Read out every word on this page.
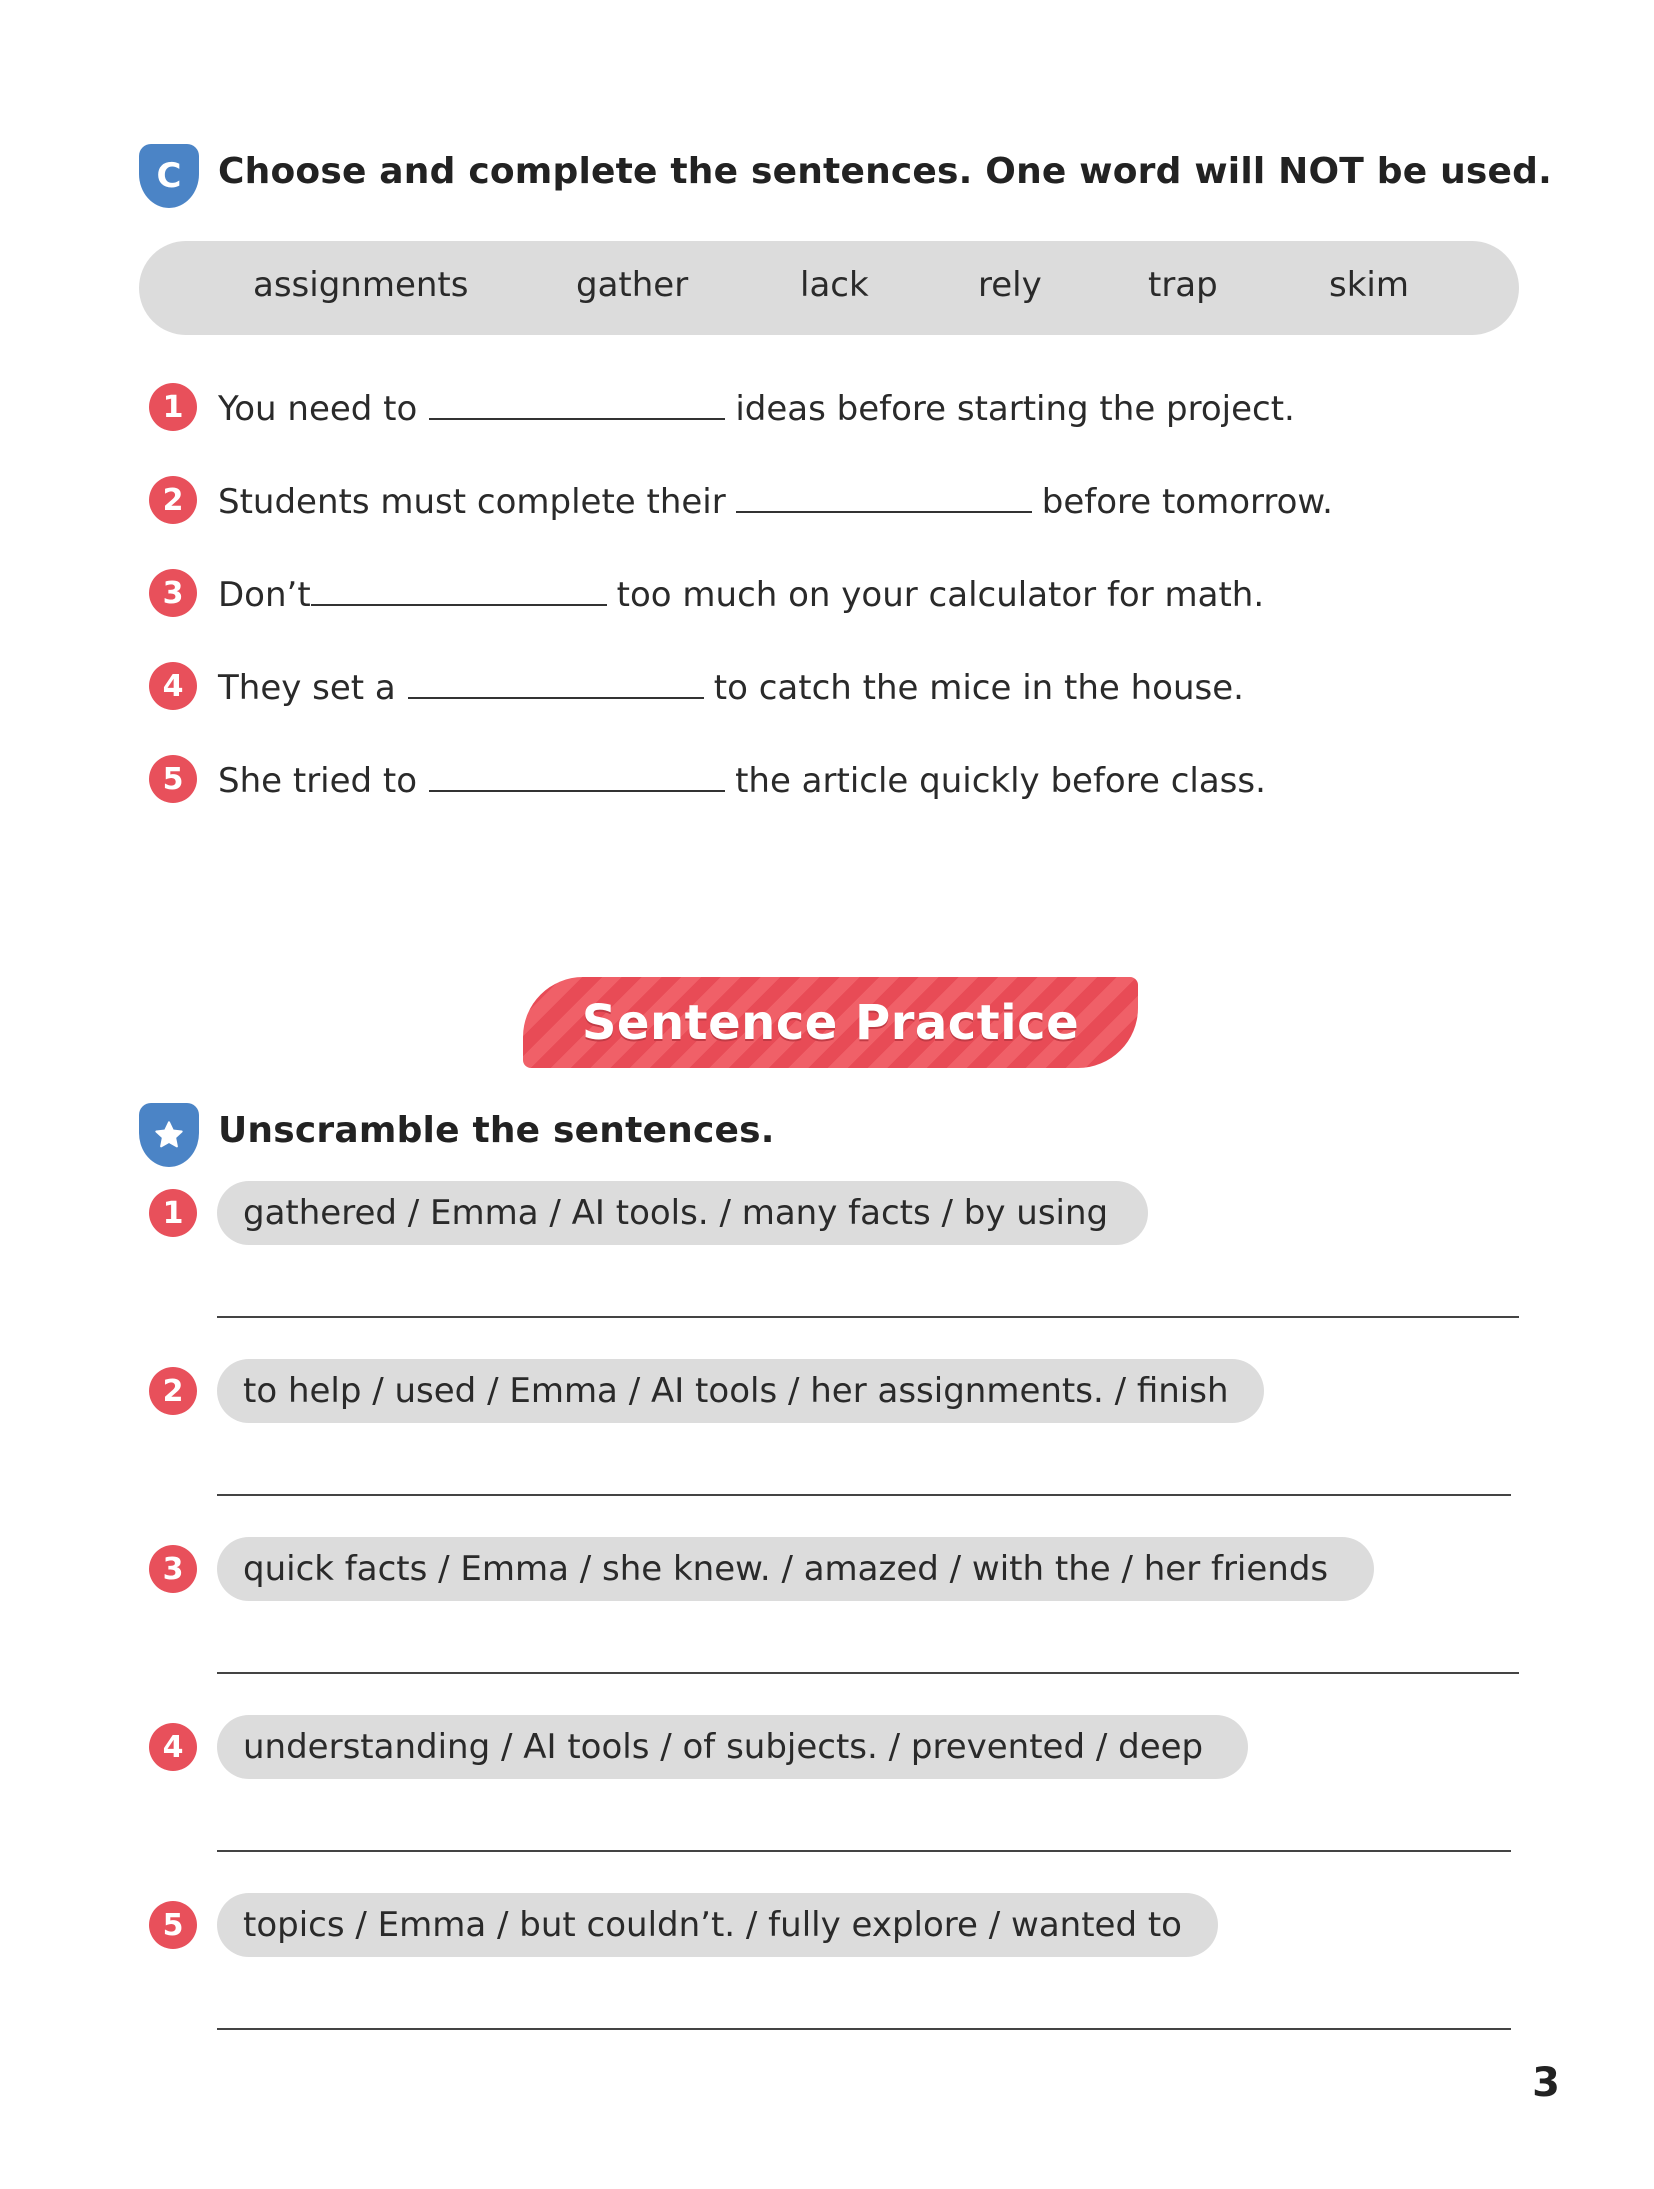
C Choose and complete the sentences. One word will NOT be used.
assignments	gather	lack	rely	trap	skim
1	You need to	ideas before starting the project.
2	Students must complete their	before tomorrow.
3	Don’t	too much on your calculator for math.
4	They set a	to catch the mice in the house.
5	She tried to	the article quickly before class.
Sentence Practice
Unscramble the sentences.
1	gathered / Emma / AI tools. / many facts / by using
2	to help / used / Emma / AI tools / her assignments. / finish
3	quick facts / Emma / she knew. / amazed / with the / her friends
4	understanding / AI tools / of subjects. / prevented / deep
5	topics / Emma / but couldn’t. / fully explore / wanted to
3
